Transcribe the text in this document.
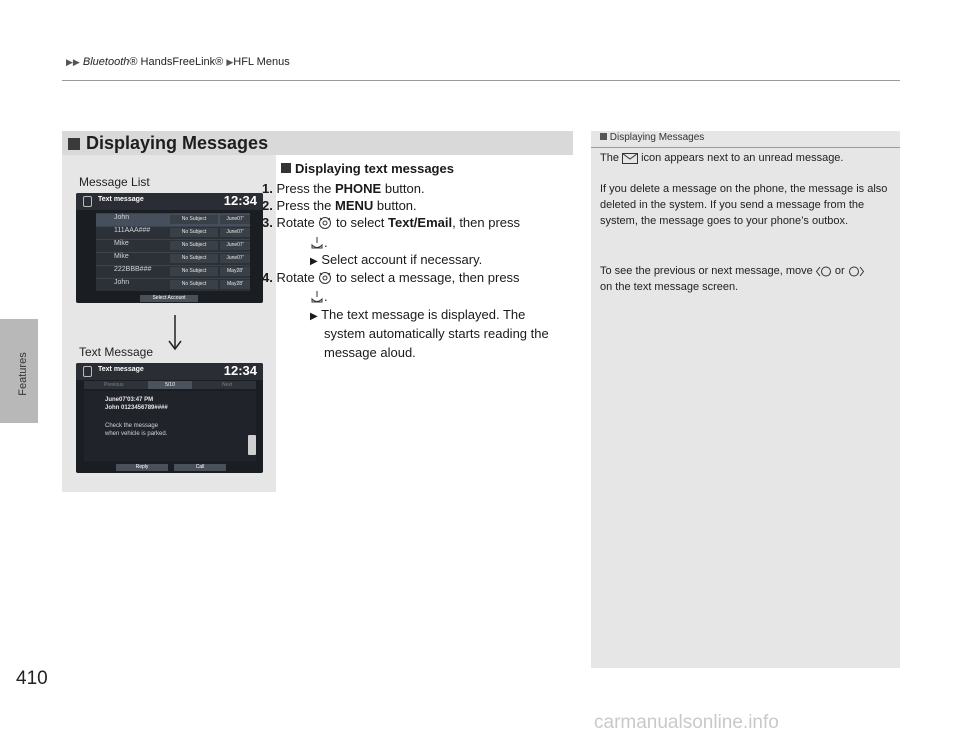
▶▶ Bluetooth® HandsFreeLink® ▶HFL Menus
Features
410
Displaying Messages
Message List
Text message	12:34
John	No Subject	June07'
111AAA###	No Subject	June07'
Mike	No Subject	June07'
Mike	No Subject	June07'
222BBB###	No Subject	May28'
John	No Subject	May28'
Select Account
Text Message
Text message	12:34
Previous	5/10	Next
June07'03:47 PM
John 0123456789####
Check the message
when vehicle is parked.
Reply	Call
Displaying text messages
1. Press the PHONE button.
2. Press the MENU button.
3. Rotate  to select Text/Email, then press
.
▶ Select account if necessary.
4. Rotate  to select a message, then press
.
▶ The text message is displayed. The
system automatically starts reading the
message aloud.
Displaying Messages
The  icon appears next to an unread message.
If you delete a message on the phone, the message is also deleted in the system. If you send a message from the system, the message goes to your phone’s outbox.
To see the previous or next message, move  or
on the text message screen.
carmanualsonline.info
